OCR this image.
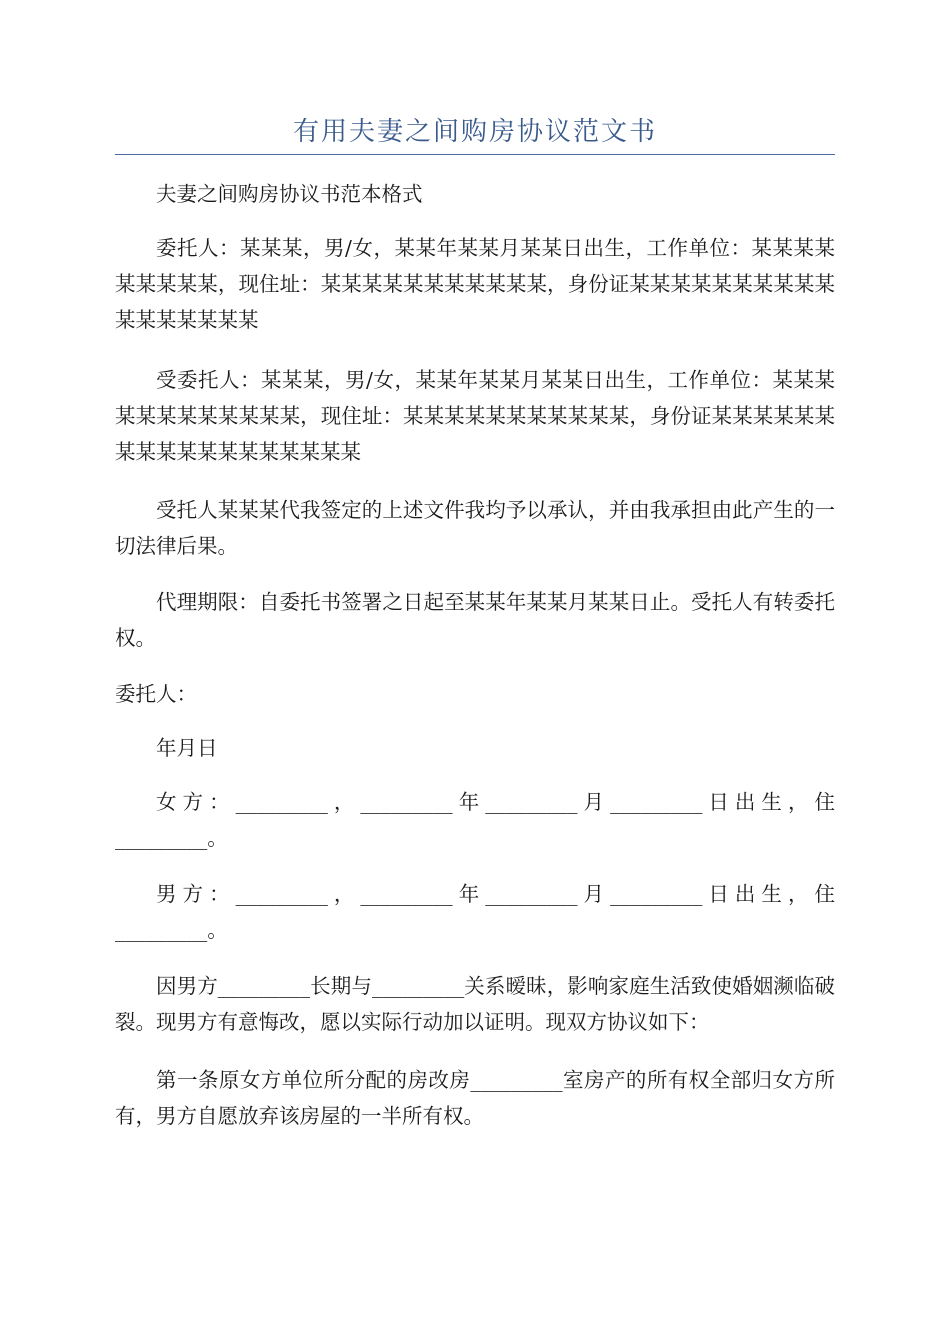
有用夫妻之间购房协议范文书
夫妻之间购房协议书范本格式
委托人：某某某，男/女，某某年某某月某某日出生，工作单位：某某某某某某某某某，现住址：某某某某某某某某某某某，身份证某某某某某某某某某某某某某某某某某
受委托人：某某某，男/女，某某年某某月某某日出生，工作单位：某某某某某某某某某某某某，现住址：某某某某某某某某某某某，身份证某某某某某某某某某某某某某某某某某某
受托人某某某代我签定的上述文件我均予以承认，并由我承担由此产生的一切法律后果。
代理期限：自委托书签署之日起至某某年某某月某某日止。受托人有转委托权。
委托人：
年月日
女方：_________，_________年_________月_________日出生，住_________。
男方：_________，_________年_________月_________日出生，住_________。
因男方_________长期与_________关系暧昧，影响家庭生活致使婚姻濒临破裂。现男方有意悔改，愿以实际行动加以证明。现双方协议如下：
第一条原女方单位所分配的房改房_________室房产的所有权全部归女方所有，男方自愿放弃该房屋的一半所有权。
